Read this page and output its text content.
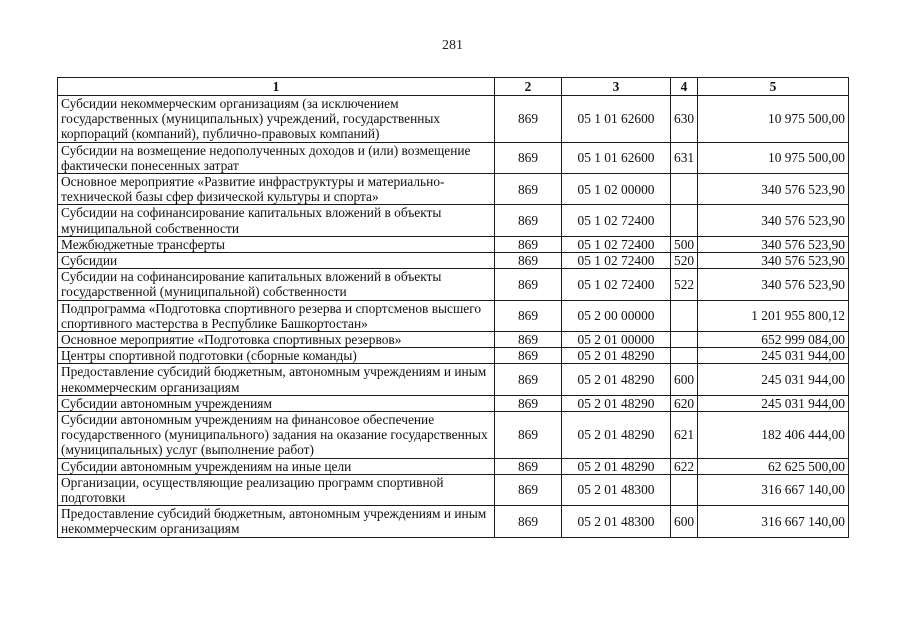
281
1	2	3	4	5
Субсидии некоммерческим организациям (за исключением государственных (муниципальных) учреждений, государственных корпораций (компаний), публично-правовых компаний)	869	05 1 01 62600	630	10 975 500,00
Субсидии на возмещение недополученных доходов и (или) возмещение фактически понесенных затрат	869	05 1 01 62600	631	10 975 500,00
Основное мероприятие «Развитие инфраструктуры и материально-технической базы сфер физической культуры и спорта»	869	05 1 02 00000		340 576 523,90
Субсидии на софинансирование капитальных вложений в объекты муниципальной собственности	869	05 1 02 72400		340 576 523,90
Межбюджетные трансферты	869	05 1 02 72400	500	340 576 523,90
Субсидии	869	05 1 02 72400	520	340 576 523,90
Субсидии на софинансирование капитальных вложений в объекты государственной (муниципальной) собственности	869	05 1 02 72400	522	340 576 523,90
Подпрограмма «Подготовка спортивного резерва и спортсменов высшего спортивного мастерства в Республике Башкортостан»	869	05 2 00 00000		1 201 955 800,12
Основное мероприятие «Подготовка спортивных резервов»	869	05 2 01 00000		652 999 084,00
Центры спортивной подготовки (сборные команды)	869	05 2 01 48290		245 031 944,00
Предоставление субсидий бюджетным, автономным учреждениям и иным некоммерческим организациям	869	05 2 01 48290	600	245 031 944,00
Субсидии автономным учреждениям	869	05 2 01 48290	620	245 031 944,00
Субсидии автономным учреждениям на финансовое обеспечение государственного (муниципального) задания на оказание государственных (муниципальных) услуг (выполнение работ)	869	05 2 01 48290	621	182 406 444,00
Субсидии автономным учреждениям на иные цели	869	05 2 01 48290	622	62 625 500,00
Организации, осуществляющие реализацию программ спортивной подготовки	869	05 2 01 48300		316 667 140,00
Предоставление субсидий бюджетным, автономным учреждениям и иным некоммерческим организациям	869	05 2 01 48300	600	316 667 140,00
